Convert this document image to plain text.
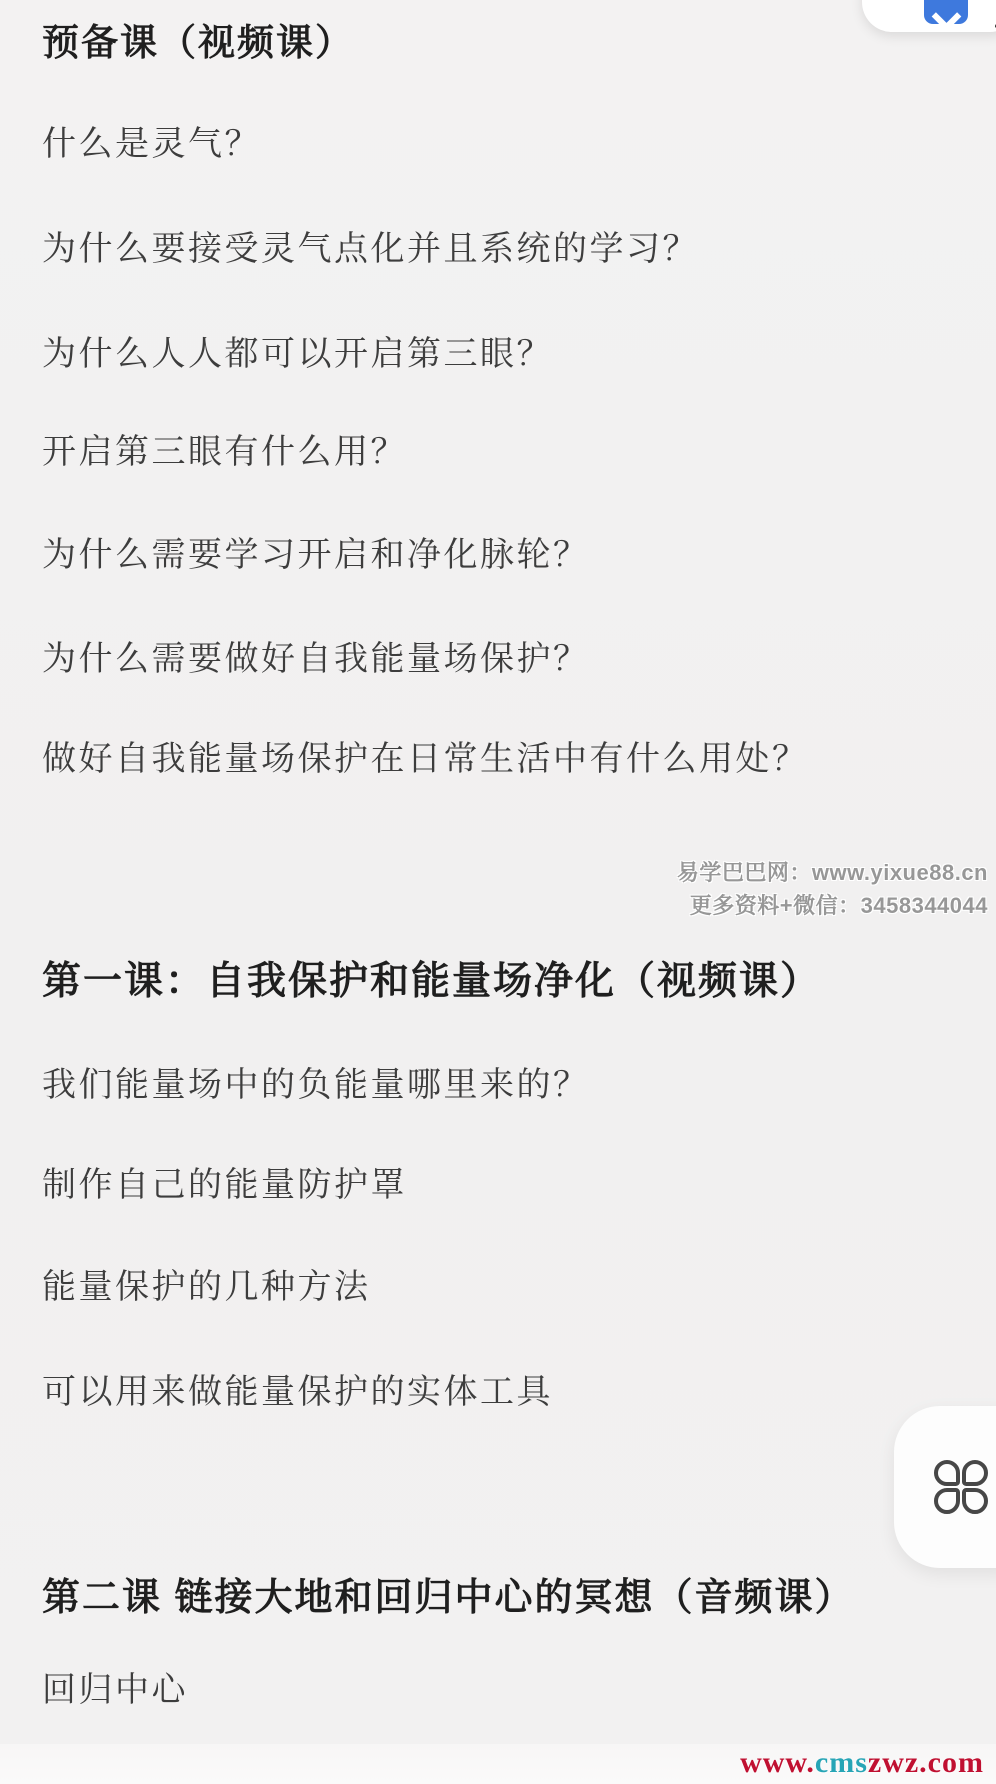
预备课（视频课）
什么是灵气？
为什么要接受灵气点化并且系统的学习？
为什么人人都可以开启第三眼？
开启第三眼有什么用？
为什么需要学习开启和净化脉轮？
为什么需要做好自我能量场保护？
做好自我能量场保护在日常生活中有什么用处？
易学巴巴网：www.yixue88.cn
更多资料+微信：3458344044
第一课：自我保护和能量场净化（视频课）
我们能量场中的负能量哪里来的？
制作自己的能量防护罩
能量保护的几种方法
可以用来做能量保护的实体工具
第二课 链接大地和回归中心的冥想（音频课）
回归中心
www.cmszwz.com
